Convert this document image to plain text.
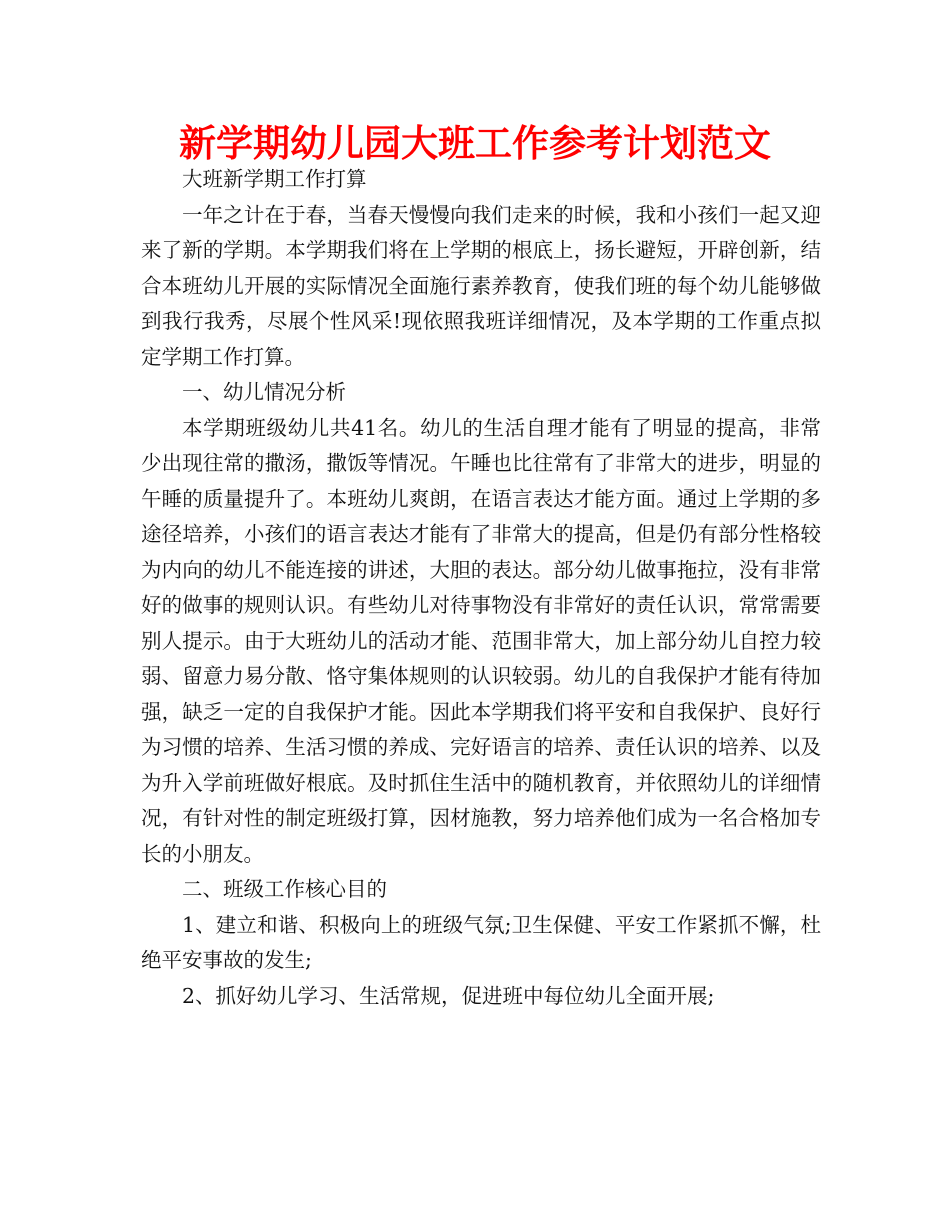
新学期幼儿园大班工作参考计划范文

大班新学期工作打算

一年之计在于春，当春天慢慢向我们走来的时候，我和小孩们一起又迎来了新的学期。本学期我们将在上学期的根底上，扬长避短，开辟创新，结合本班幼儿开展的实际情况全面施行素养教育，使我们班的每个幼儿能够做到我行我秀，尽展个性风采!现依照我班详细情况，及本学期的工作重点拟定学期工作打算。

一、幼儿情况分析

本学期班级幼儿共41名。幼儿的生活自理才能有了明显的提高，非常少出现往常的撒汤，撒饭等情况。午睡也比往常有了非常大的进步，明显的午睡的质量提升了。本班幼儿爽朗，在语言表达才能方面。通过上学期的多途径培养，小孩们的语言表达才能有了非常大的提高，但是仍有部分性格较为内向的幼儿不能连接的讲述，大胆的表达。部分幼儿做事拖拉，没有非常好的做事的规则认识。有些幼儿对待事物没有非常好的责任认识，常常需要别人提示。由于大班幼儿的活动才能、范围非常大，加上部分幼儿自控力较弱、留意力易分散、恪守集体规则的认识较弱。幼儿的自我保护才能有待加强，缺乏一定的自我保护才能。因此本学期我们将平安和自我保护、良好行为习惯的培养、生活习惯的养成、完好语言的培养、责任认识的培养、以及为升入学前班做好根底。及时抓住生活中的随机教育，并依照幼儿的详细情况，有针对性的制定班级打算，因材施教，努力培养他们成为一名合格加专长的小朋友。

二、班级工作核心目的

1、建立和谐、积极向上的班级气氛;卫生保健、平安工作紧抓不懈，杜绝平安事故的发生;

2、抓好幼儿学习、生活常规，促进班中每位幼儿全面开展;
